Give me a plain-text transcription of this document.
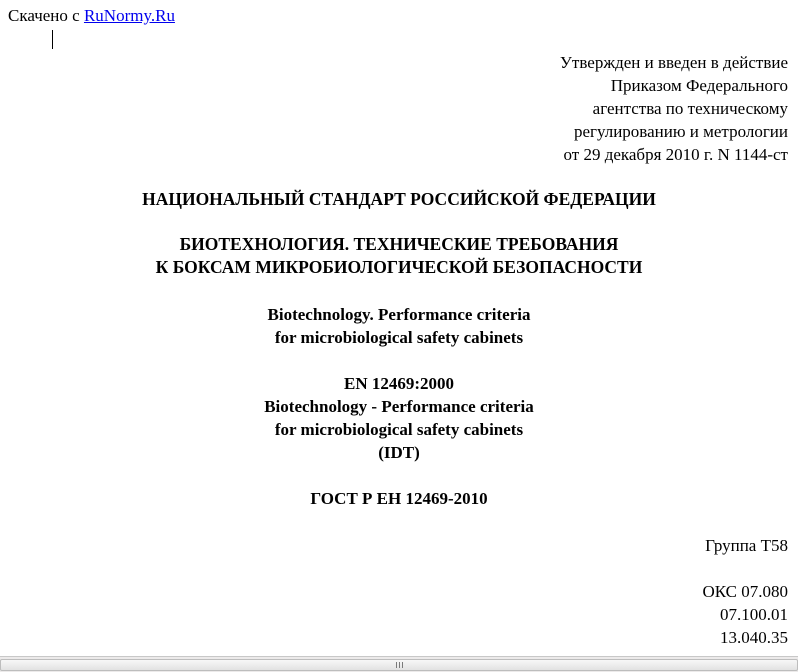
Скачено с RuNormy.Ru
Утвержден и введен в действие
Приказом Федерального
агентства по техническому
регулированию и метрологии
от 29 декабря 2010 г. N 1144-ст
НАЦИОНАЛЬНЫЙ СТАНДАРТ РОССИЙСКОЙ ФЕДЕРАЦИИ
БИОТЕХНОЛОГИЯ. ТЕХНИЧЕСКИЕ ТРЕБОВАНИЯ
К БОКСАМ МИКРОБИОЛОГИЧЕСКОЙ БЕЗОПАСНОСТИ
Biotechnology. Performance criteria
for microbiological safety cabinets
EN 12469:2000
Biotechnology - Performance criteria
for microbiological safety cabinets
(IDT)
ГОСТ Р ЕН 12469-2010
Группа Т58
ОКС 07.080
07.100.01
13.040.35
